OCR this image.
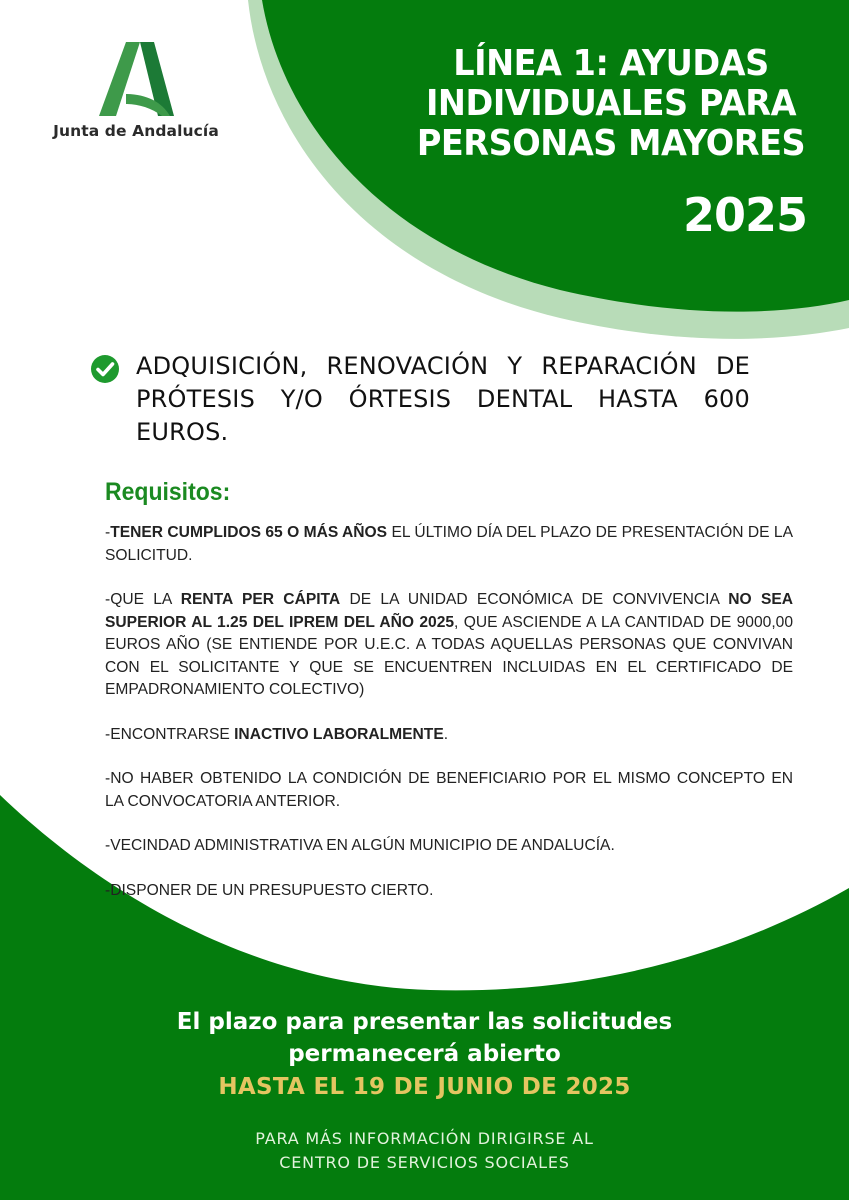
Junta de Andalucía
LÍNEA 1: AYUDAS
INDIVIDUALES PARA
PERSONAS MAYORES
2025
ADQUISICIÓN, RENOVACIÓN Y REPARACIÓN DE PRÓTESIS Y/O ÓRTESIS DENTAL HASTA 600 EUROS.
Requisitos:

-TENER CUMPLIDOS 65 O MÁS AÑOS EL ÚLTIMO DÍA DEL PLAZO DE PRESENTACIÓN DE LA SOLICITUD.

-QUE LA RENTA PER CÁPITA DE LA UNIDAD ECONÓMICA DE CONVIVENCIA NO SEA SUPERIOR AL 1.25 DEL IPREM DEL AÑO 2025, QUE ASCIENDE A LA CANTIDAD DE 9000,00 EUROS AÑO (SE ENTIENDE POR U.E.C. A TODAS AQUELLAS PERSONAS QUE CONVIVAN CON EL SOLICITANTE Y QUE SE ENCUENTREN INCLUIDAS EN EL CERTIFICADO DE EMPADRONAMIENTO COLECTIVO)

-ENCONTRARSE INACTIVO LABORALMENTE.

-NO HABER OBTENIDO LA CONDICIÓN DE BENEFICIARIO POR EL MISMO CONCEPTO EN LA CONVOCATORIA ANTERIOR.

-VECINDAD ADMINISTRATIVA EN ALGÚN MUNICIPIO DE ANDALUCÍA.

-DISPONER DE UN PRESUPUESTO CIERTO.

El plazo para presentar las solicitudes
permanecerá abierto
HASTA EL 19 DE JUNIO DE 2025
PARA MÁS INFORMACIÓN DIRIGIRSE AL
CENTRO DE SERVICIOS SOCIALES
